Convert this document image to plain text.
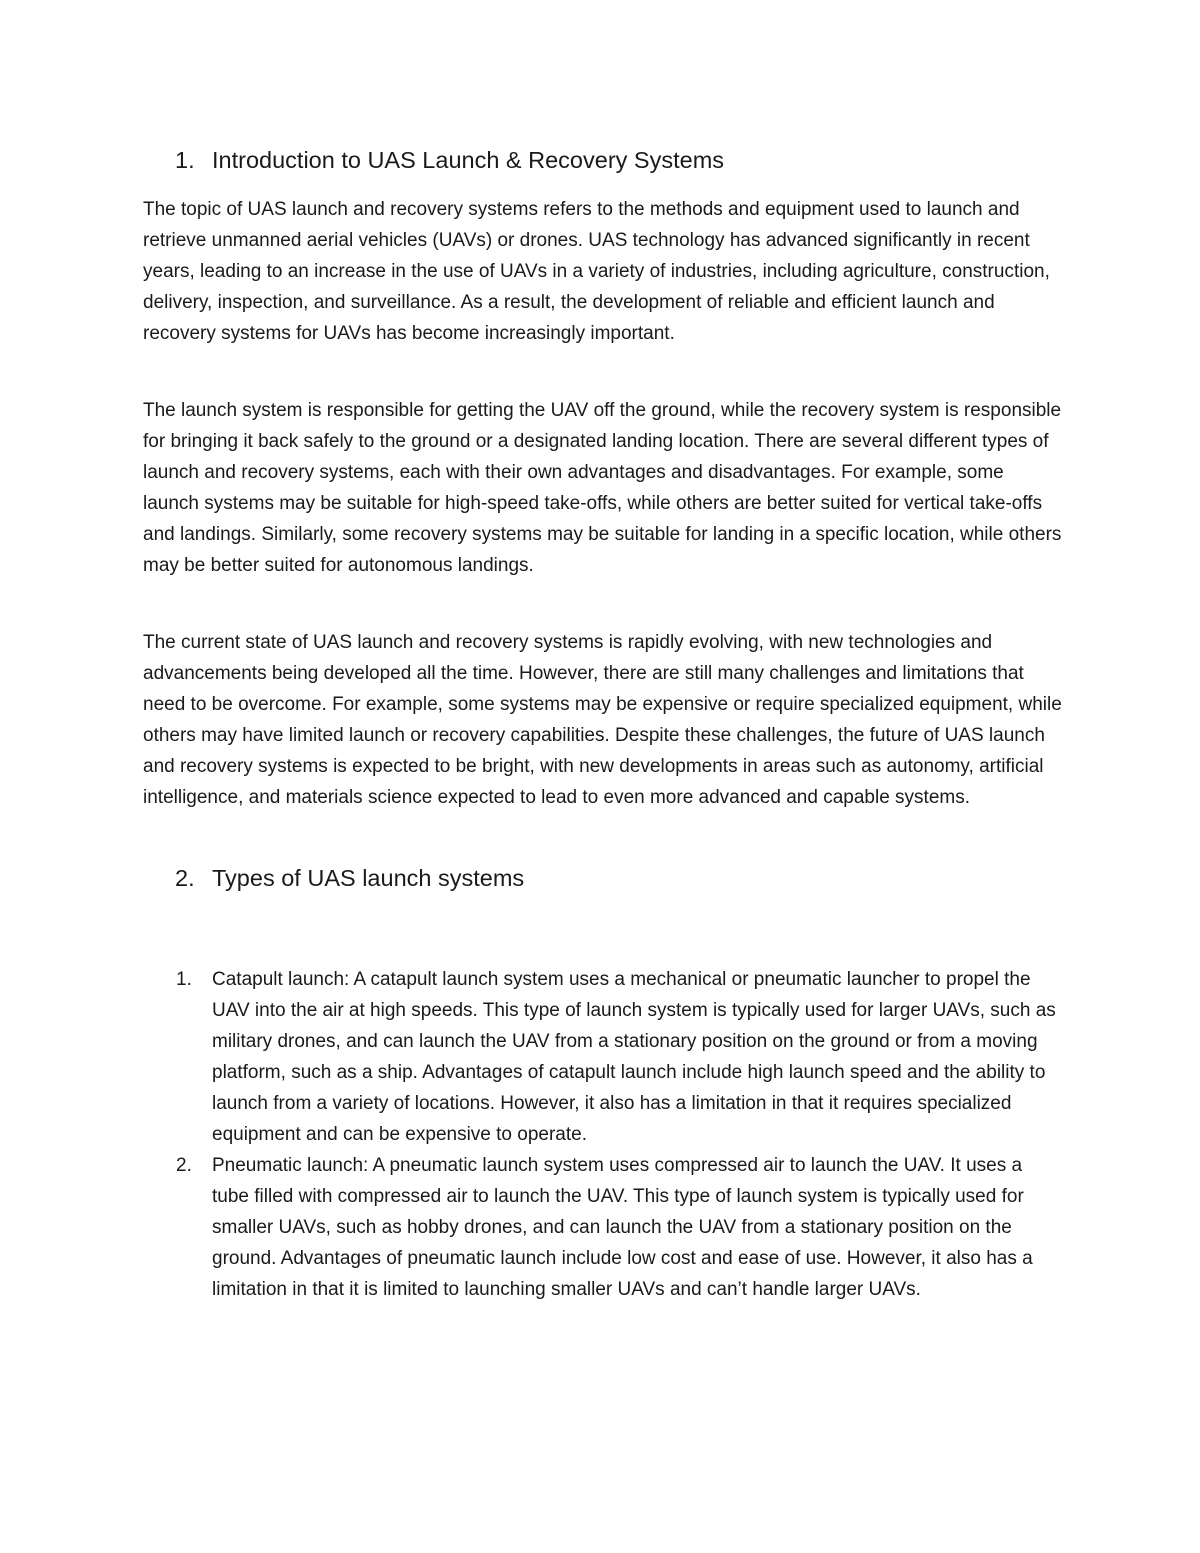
1. Introduction to UAS Launch & Recovery Systems

The topic of UAS launch and recovery systems refers to the methods and equipment used to launch and retrieve unmanned aerial vehicles (UAVs) or drones. UAS technology has advanced significantly in recent years, leading to an increase in the use of UAVs in a variety of industries, including agriculture, construction, delivery, inspection, and surveillance. As a result, the development of reliable and efficient launch and recovery systems for UAVs has become increasingly important.

The launch system is responsible for getting the UAV off the ground, while the recovery system is responsible for bringing it back safely to the ground or a designated landing location. There are several different types of launch and recovery systems, each with their own advantages and disadvantages. For example, some launch systems may be suitable for high-speed take-offs, while others are better suited for vertical take-offs and landings. Similarly, some recovery systems may be suitable for landing in a specific location, while others may be better suited for autonomous landings.

The current state of UAS launch and recovery systems is rapidly evolving, with new technologies and advancements being developed all the time. However, there are still many challenges and limitations that need to be overcome. For example, some systems may be expensive or require specialized equipment, while others may have limited launch or recovery capabilities. Despite these challenges, the future of UAS launch and recovery systems is expected to be bright, with new developments in areas such as autonomy, artificial intelligence, and materials science expected to lead to even more advanced and capable systems.

2. Types of UAS launch systems
1. Catapult launch: A catapult launch system uses a mechanical or pneumatic launcher to propel the UAV into the air at high speeds. This type of launch system is typically used for larger UAVs, such as military drones, and can launch the UAV from a stationary position on the ground or from a moving platform, such as a ship. Advantages of catapult launch include high launch speed and the ability to launch from a variety of locations. However, it also has a limitation in that it requires specialized equipment and can be expensive to operate.
2. Pneumatic launch: A pneumatic launch system uses compressed air to launch the UAV. It uses a tube filled with compressed air to launch the UAV. This type of launch system is typically used for smaller UAVs, such as hobby drones, and can launch the UAV from a stationary position on the ground. Advantages of pneumatic launch include low cost and ease of use. However, it also has a limitation in that it is limited to launching smaller UAVs and can’t handle larger UAVs.
